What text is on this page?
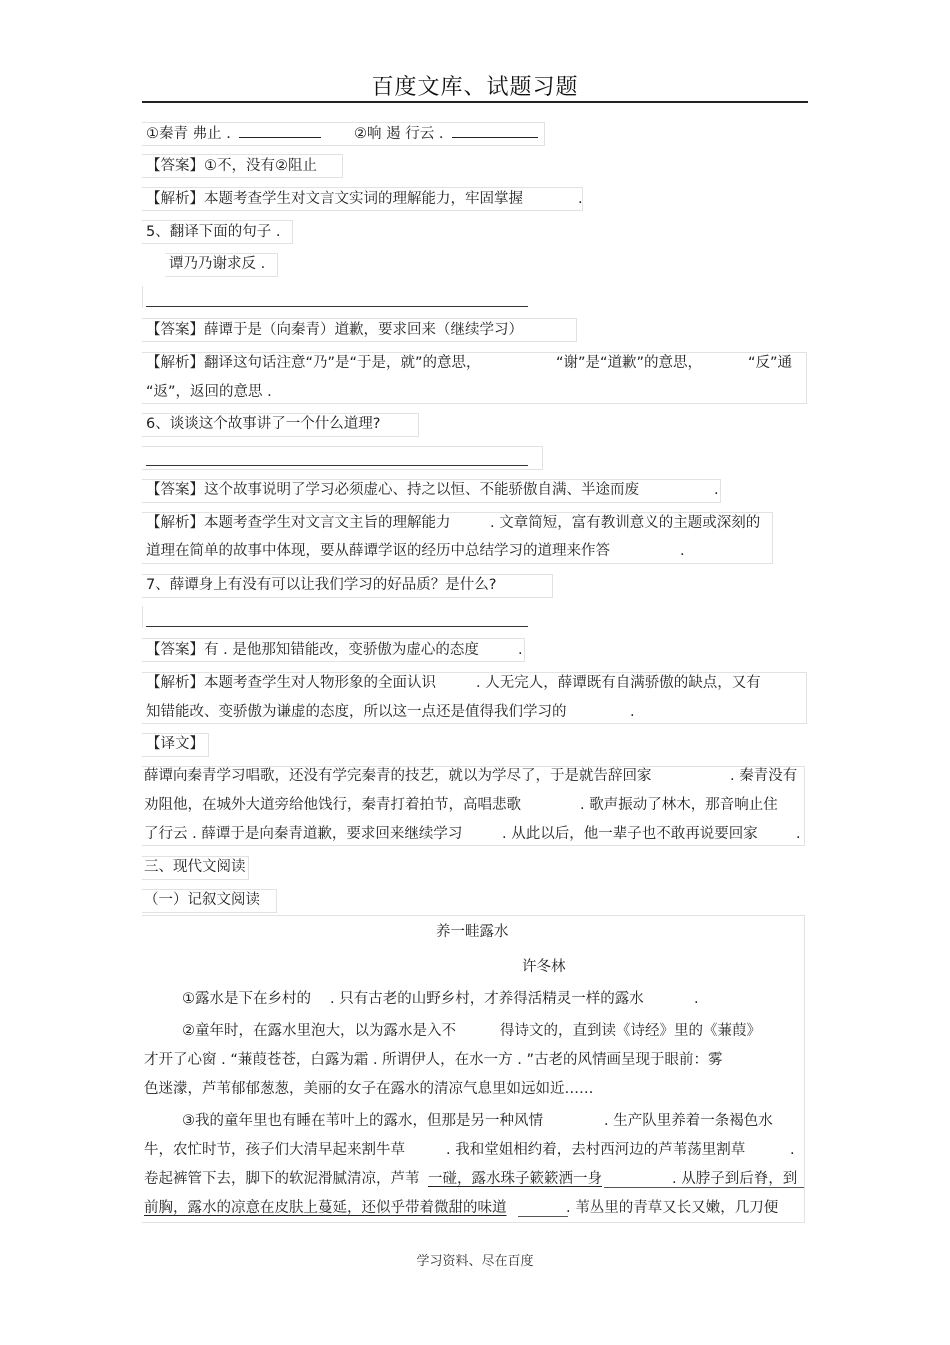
百度文库、试题习题
①秦青 弗止 .	②响 遏 行云 .
【答案】①不，没有②阻止
【解析】本题考查学生对文言文实词的理解能力，牢固掌握	.
5、翻译下面的句子 .
谭乃乃谢求反 .
【答案】薛谭于是（向秦青）道歉，要求回来（继续学习）
【解析】翻译这句话注意“乃”是“于是，就”的意思，	“谢”是“道歉”的意思，	“反”通
“返”，返回的意思 .
6、谈谈这个故事讲了一个什么道理?
【答案】这个故事说明了学习必须虚心、持之以恒、不能骄傲自满、半途而废	.
【解析】本题考查学生对文言文主旨的理解能力	. 文章简短，富有教训意义的主题或深刻的
道理在简单的故事中体现，要从薛谭学讴的经历中总结学习的道理来作答	.
7、薛谭身上有没有可以让我们学习的好品质？是什么?
【答案】有 . 是他那知错能改，变骄傲为虚心的态度	.
【解析】本题考查学生对人物形象的全面认识	. 人无完人，薛谭既有自满骄傲的缺点，又有
知错能改、变骄傲为谦虚的态度，所以这一点还是值得我们学习的	.
【译文】
薛谭向秦青学习唱歌，还没有学完秦青的技艺，就以为学尽了，于是就告辞回家	. 秦青没有
劝阻他，在城外大道旁给他饯行，秦青打着拍节，高唱悲歌	. 歌声振动了林木，那音响止住
了行云 . 薛谭于是向秦青道歉，要求回来继续学习	. 从此以后，他一辈子也不敢再说要回家	.
三、现代文阅读
（一）记叙文阅读
养一畦露水
许冬林
①露水是下在乡村的 . 只有古老的山野乡村，才养得活精灵一样的露水	.
②童年时，在露水里泡大，以为露水是入不	得诗文的，直到读《诗经》里的《蒹葭》
才开了心窗 . “蒹葭苍苍，白露为霜 . 所谓伊人，在水一方 . ”古老的风情画呈现于眼前：雾
色迷濛，芦苇郁郁葱葱，美丽的女子在露水的清凉气息里如远如近……
③我的童年里也有睡在苇叶上的露水，但那是另一种风情	. 生产队里养着一条褐色水
牛，农忙时节，孩子们大清早起来割牛草	. 我和堂姐相约着，去村西河边的芦苇荡里割草	.
卷起裤管下去，脚下的软泥滑腻清凉，芦苇 一碰，露水珠子簌簌洒一身	. 从脖子到后脊，到
前胸，露水的凉意在皮肤上蔓延，还似乎带着微甜的味道	. 苇丛里的青草又长又嫩，几刀便
学习资料、尽在百度
